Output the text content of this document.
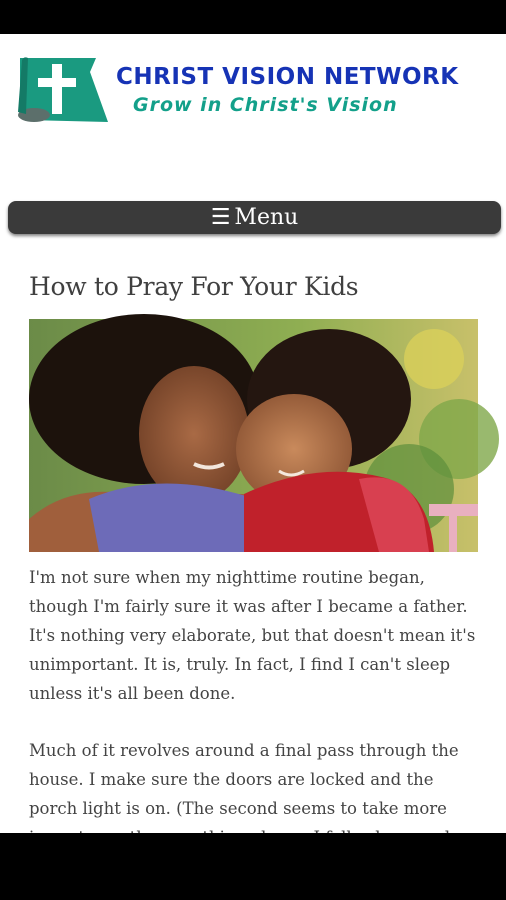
CHRIST VISION NETWORK
Grow in Christ's Vision
☰ Menu
How to Pray For Your Kids

I'm not sure when my nighttime routine began, though I'm fairly sure it was after I became a father. It's nothing very elaborate, but that doesn't mean it's unimportant. It is, truly. In fact, I find I can't sleep unless it's all been done.

Much of it revolves around a final pass through the house. I make sure the doors are locked and the porch light is on. (The second seems to take more
